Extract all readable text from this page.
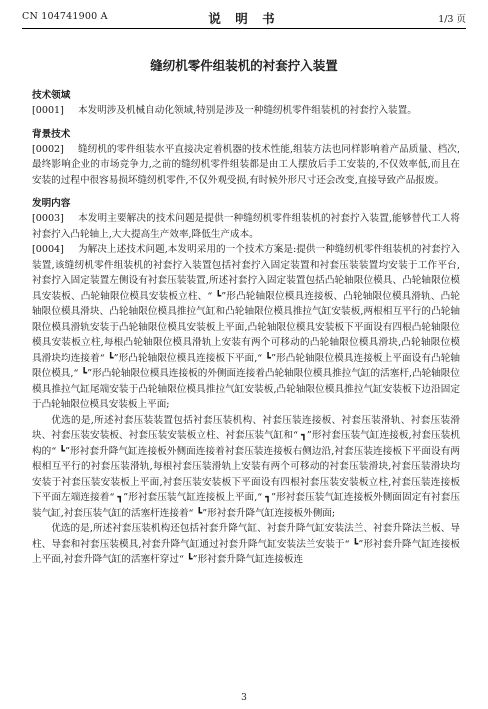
CN 104741900 A	说 明 书	1/3 页
缝纫机零件组装机的衬套拧入装置
技术领域
[0001] 本发明涉及机械自动化领域,特别是涉及一种缝纫机零件组装机的衬套拧入装置。
背景技术
[0002] 缝纫机的零件组装水平直接决定着机器的技术性能,组装方法也同样影响着产品质量、档次,最终影响企业的市场竞争力,之前的缝纫机零件组装都是由工人摆放后手工安装的,不仅效率低,而且在安装的过程中很容易损坏缝纫机零件,不仅外观受损,有时候外形尺寸还会改变,直接导致产品报废。
发明内容
[0003] 本发明主要解决的技术问题是提供一种缝纫机零件组装机的衬套拧入装置,能够替代工人将衬套拧入凸轮轴上,大大提高生产效率,降低生产成本。
[0004] 为解决上述技术问题,本发明采用的一个技术方案是:提供一种缝纫机零件组装机的衬套拧入装置,该缝纫机零件组装机的衬套拧入装置包括衬套拧入固定装置和衬套压装装置均安装于工作平台,衬套拧入固定装置左侧设有衬套压装装置,所述衬套拧入固定装置包括凸轮轴限位模具、凸轮轴限位模具安装板、凸轮轴限位模具安装板立柱、“ ┗”形凸轮轴限位模具连接板、凸轮轴限位模具滑轨、凸轮轴限位模具滑块、凸轮轴限位模具推拉气缸和凸轮轴限位模具推拉气缸安装板,两根相互平行的凸轮轴限位模具滑轨安装于凸轮轴限位模具安装板上平面,凸轮轴限位模具安装板下平面设有四根凸轮轴限位模具安装板立柱,每根凸轮轴限位模具滑轨上安装有两个可移动的凸轮轴限位模具滑块,凸轮轴限位模具滑块均连接着“ ┗”形凸轮轴限位模具连接板下平面,“ ┗”形凸轮轴限位模具连接板上平面设有凸轮轴限位模具,“ ┗”形凸轮轴限位模具连接板的外侧面连接着凸轮轴限位模具推拉气缸的活塞杆,凸轮轴限位模具推拉气缸尾端安装于凸轮轴限位模具推拉气缸安装板,凸轮轴限位模具推拉气缸安装板下边沿固定于凸轮轴限位模具安装板上平面;
优选的是,所述衬套压装装置包括衬套压装机构、衬套压装连接板、衬套压装滑轨、衬套压装滑块、衬套压装安装板、衬套压装安装板立柱、衬套压装气缸和“ ┓”形衬套压装气缸连接板,衬套压装机构的“ ┗”形衬套升降气缸连接板外侧面连接着衬套压装连接板右侧边沿,衬套压装连接板下平面设有两根相互平行的衬套压装滑轨,每根衬套压装滑轨上安装有两个可移动的衬套压装滑块,衬套压装滑块均安装于衬套压装安装板上平面,衬套压装安装板下平面设有四根衬套压装安装板立柱,衬套压装连接板下平面左端连接着“ ┓”形衬套压装气缸连接板上平面,“ ┓”形衬套压装气缸连接板外侧面固定有衬套压装气缸,衬套压装气缸的活塞杆连接着“ ┗”形衬套升降气缸连接板外侧面;
优选的是,所述衬套压装机构还包括衬套升降气缸、衬套升降气缸安装法兰、衬套升降法兰板、导柱、导套和衬套压装模具,衬套升降气缸通过衬套升降气缸安装法兰安装于“ ┗”形衬套升降气缸连接板上平面,衬套升降气缸的活塞杆穿过“ ┗”形衬套升降气缸连接板连
3
